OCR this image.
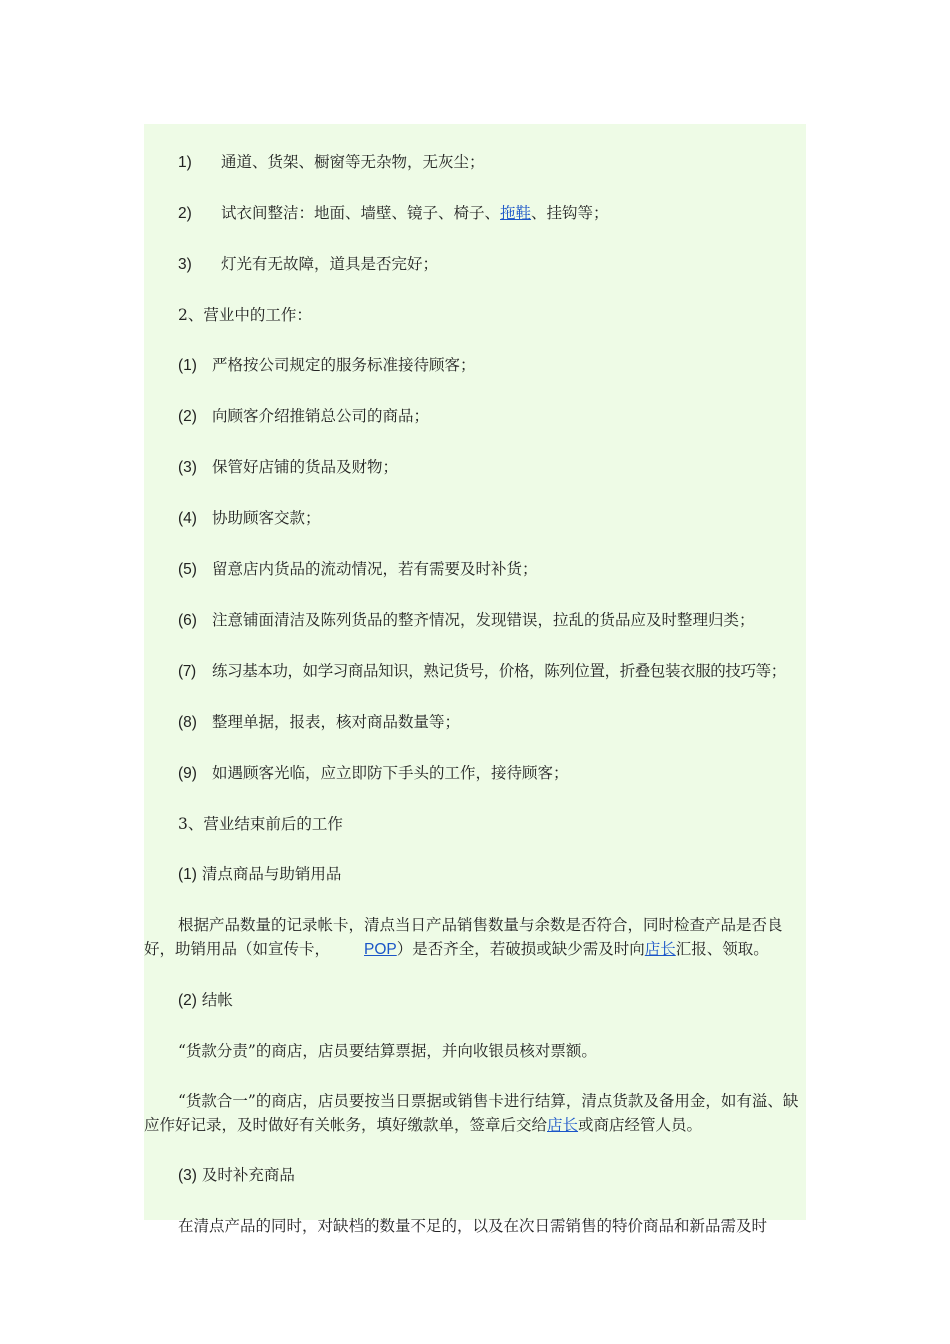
1) 通道、货架、橱窗等无杂物，无灰尘；
2) 试衣间整洁：地面、墙壁、镜子、椅子、拖鞋、挂钩等；
3) 灯光有无故障，道具是否完好；
2、营业中的工作：
(1) 严格按公司规定的服务标准接待顾客；
(2) 向顾客介绍推销总公司的商品；
(3) 保管好店铺的货品及财物；
(4) 协助顾客交款；
(5) 留意店内货品的流动情况，若有需要及时补货；
(6) 注意铺面清洁及陈列货品的整齐情况，发现错误，拉乱的货品应及时整理归类；
(7) 练习基本功，如学习商品知识，熟记货号，价格，陈列位置，折叠包装衣服的技巧等；
(8) 整理单据，报表，核对商品数量等；
(9) 如遇顾客光临，应立即防下手头的工作，接待顾客；
3、营业结束前后的工作
(1) 清点商品与助销用品
根据产品数量的记录帐卡，清点当日产品销售数量与余数是否符合，同时检查产品是否良好，助销用品（如宣传卡， POP）是否齐全，若破损或缺少需及时向店长汇报、领取。
(2) 结帐
“货款分责”的商店，店员要结算票据，并向收银员核对票额。
“货款合一”的商店，店员要按当日票据或销售卡进行结算，清点货款及备用金，如有溢、缺应作好记录，及时做好有关帐务，填好缴款单，签章后交给店长或商店经管人员。
(3) 及时补充商品
在清点产品的同时，对缺档的数量不足的，以及在次日需销售的特价商品和新品需及时
